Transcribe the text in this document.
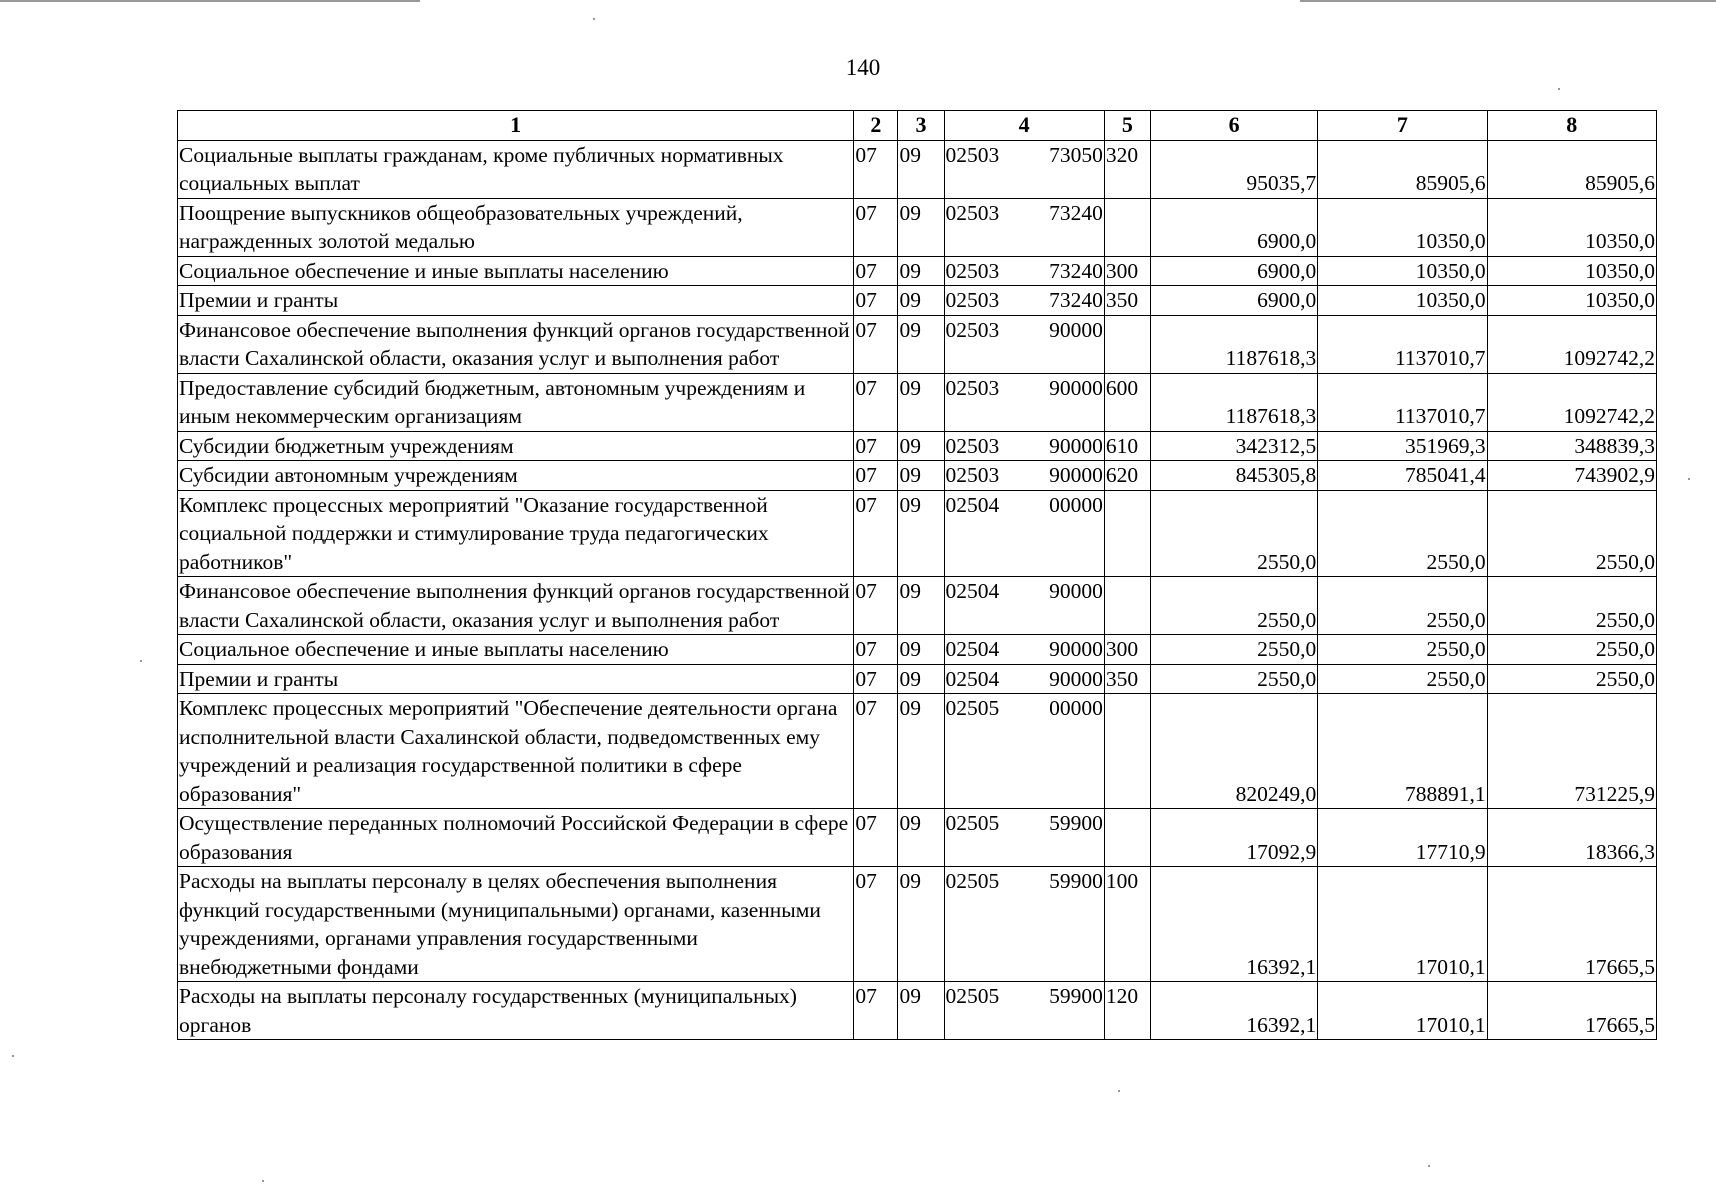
140
1	2	3	4	5	6	7	8
Социальные выплаты гражданам, кроме публичных нормативных социальных выплат	07	09	02503 73050	320	95035,7	85905,6	85905,6
Поощрение выпускников общеобразовательных учреждений, награжденных золотой медалью	07	09	02503 73240		6900,0	10350,0	10350,0
Социальное обеспечение и иные выплаты населению	07	09	02503 73240	300	6900,0	10350,0	10350,0
Премии и гранты	07	09	02503 73240	350	6900,0	10350,0	10350,0
Финансовое обеспечение выполнения функций органов государственной власти Сахалинской области, оказания услуг и выполнения работ	07	09	02503 90000		1187618,3	1137010,7	1092742,2
Предоставление субсидий бюджетным, автономным учреждениям и иным некоммерческим организациям	07	09	02503 90000	600	1187618,3	1137010,7	1092742,2
Субсидии бюджетным учреждениям	07	09	02503 90000	610	342312,5	351969,3	348839,3
Субсидии автономным учреждениям	07	09	02503 90000	620	845305,8	785041,4	743902,9
Комплекс процессных мероприятий "Оказание государственной социальной поддержки и стимулирование труда педагогических работников"	07	09	02504 00000		2550,0	2550,0	2550,0
Финансовое обеспечение выполнения функций органов государственной власти Сахалинской области, оказания услуг и выполнения работ	07	09	02504 90000		2550,0	2550,0	2550,0
Социальное обеспечение и иные выплаты населению	07	09	02504 90000	300	2550,0	2550,0	2550,0
Премии и гранты	07	09	02504 90000	350	2550,0	2550,0	2550,0
Комплекс процессных мероприятий "Обеспечение деятельности органа исполнительной власти Сахалинской области, подведомственных ему учреждений и реализация государственной политики в сфере образования"	07	09	02505 00000		820249,0	788891,1	731225,9
Осуществление переданных полномочий Российской Федерации в сфере образования	07	09	02505 59900		17092,9	17710,9	18366,3
Расходы на выплаты персоналу в целях обеспечения выполнения функций государственными (муниципальными) органами, казенными учреждениями, органами управления государственными внебюджетными фондами	07	09	02505 59900	100	16392,1	17010,1	17665,5
Расходы на выплаты персоналу государственных (муниципальных) органов	07	09	02505 59900	120	16392,1	17010,1	17665,5
